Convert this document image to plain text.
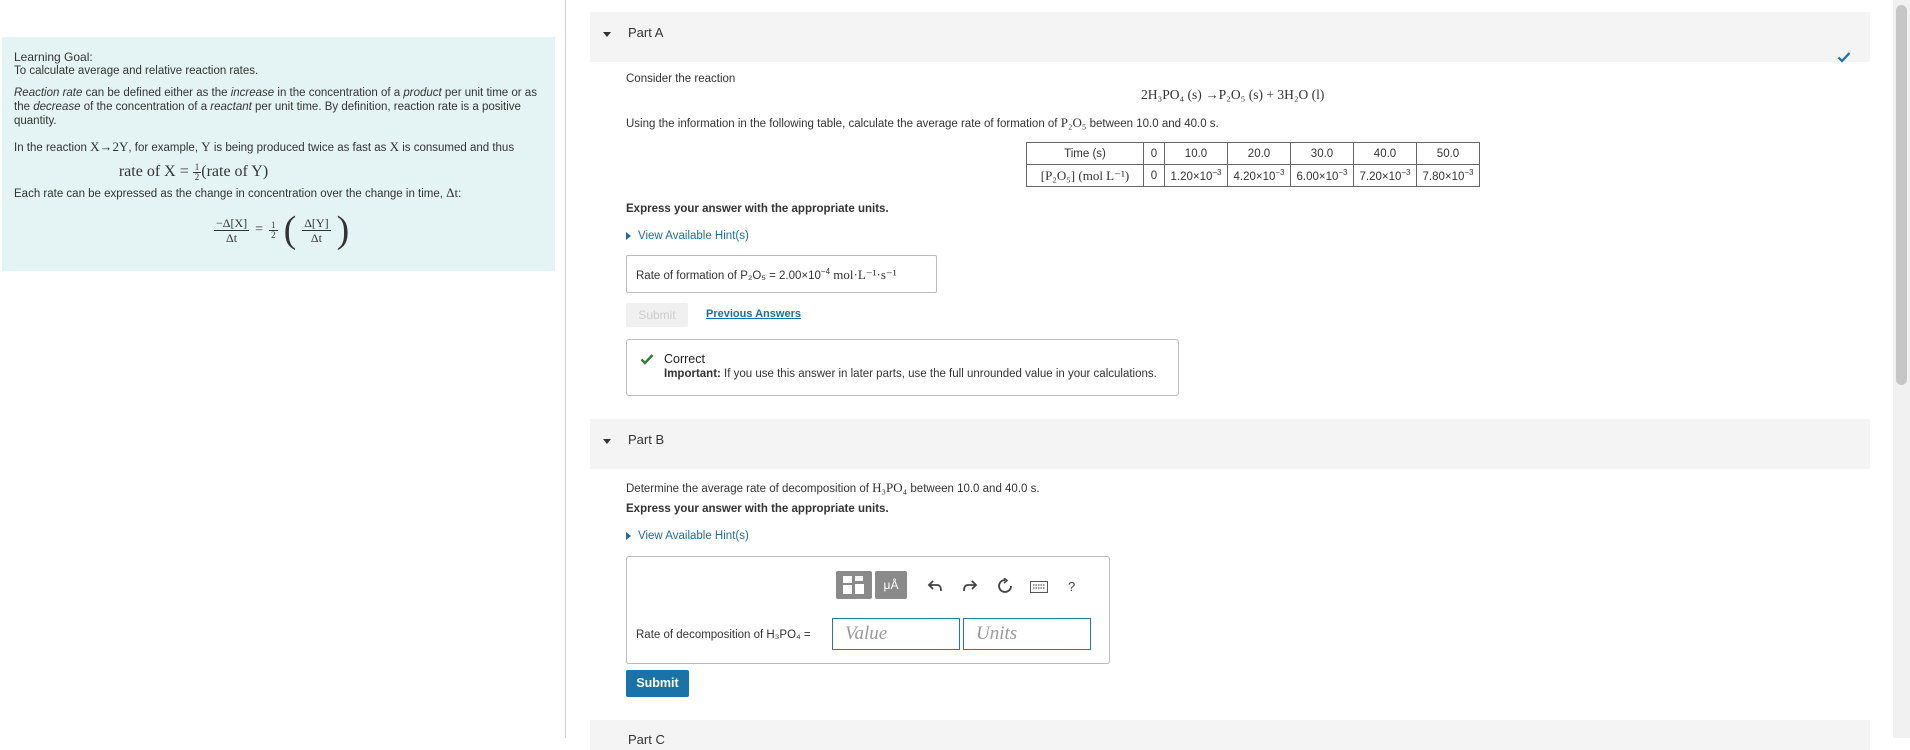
Learning Goal:

To calculate average and relative reaction rates.

Reaction rate can be defined either as the increase in the concentration of a product per unit time or as the decrease of the concentration of a reactant per unit time. By definition, reaction rate is a positive quantity.

In the reaction X→2Y, for example, Y is being produced twice as fast as X is consumed and thus

rate of $X = \frac{1}{2}$ (rate of Y)

Each rate can be expressed as the change in concentration over the change in time, Δt:

$\frac{-\Delta[X]}{\Delta t} = \frac{1}{2}$ ( $\frac{\Delta[Y]}{\Delta t}$ )
Part A
Consider the reaction
2H₃PO₄ (s) →P₂O₅ (s) + 3H₂O (l)
Using the information in the following table, calculate the average rate of formation of P₂O₅ between 10.0 and 40.0 s.
Time (s)	0	10.0	20.0	30.0	40.0	50.0
[P₂O₅] (mol L⁻¹)	0	$1.20\times 10^{-3}$	$4.20\times 10^{-3}$	$6.00\times 10^{-3}$	$7.20\times 10^{-3}$	$7.80\times 10^{-3}$
Express your answer with the appropriate units.
View Available Hint(s)
Rate of formation of $P_2O_5 = 2.00\times 10^{-4}$ mol·L⁻¹·s⁻¹
Submit	Previous Answers
Correct
Important: If you use this answer in later parts, use the full unrounded value in your calculations.
Part B
Determine the average rate of decomposition of H₃PO₄ between 10.0 and 40.0 s.
Express your answer with the appropriate units.
View Available Hint(s)
μÅ	?
Rate of decomposition of H₃PO₄ =	Value	Units
Submit
Part C
